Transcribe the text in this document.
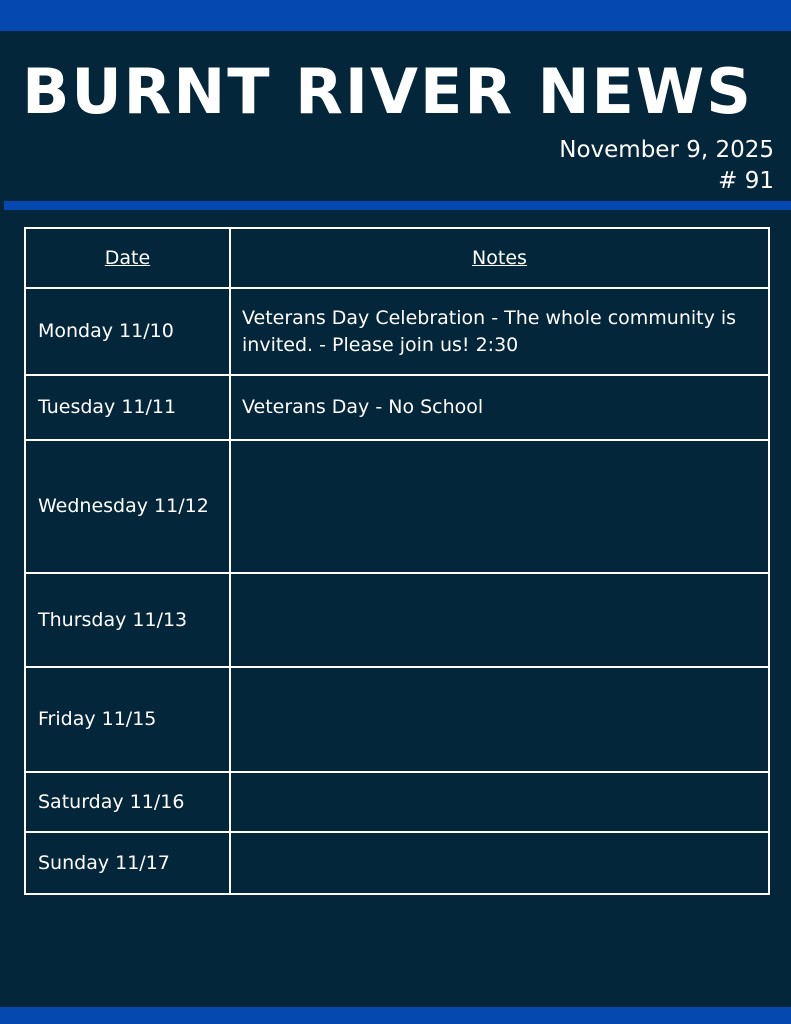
BURNT RIVER NEWS
November 9, 2025
# 91
Date	Notes
Monday 11/10	Veterans Day Celebration - The whole community is invited. - Please join us! 2:30
Tuesday 11/11	Veterans Day - No School
Wednesday 11/12	
Thursday 11/13	
Friday 11/15	
Saturday 11/16	
Sunday 11/17	
